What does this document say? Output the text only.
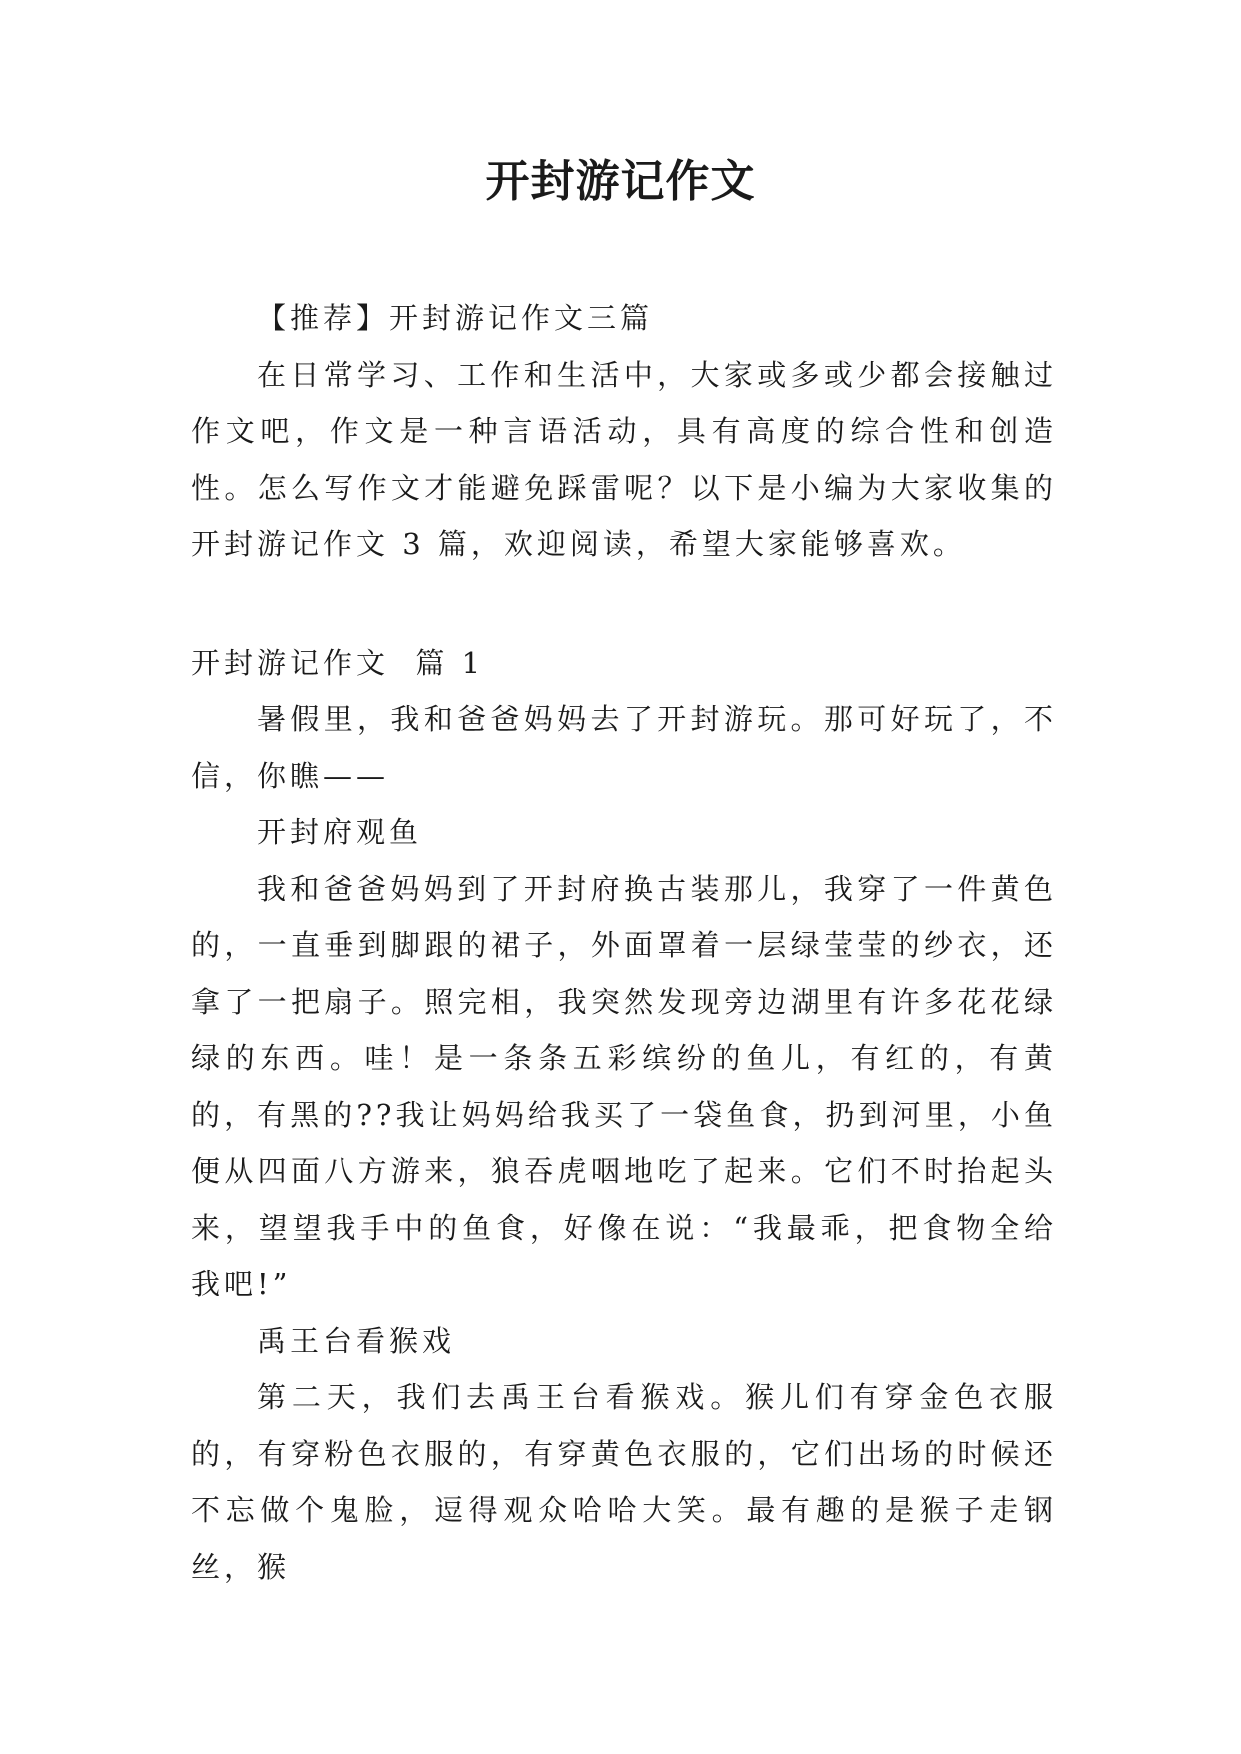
开封游记作文

【推荐】开封游记作文三篇

在日常学习、工作和生活中，大家或多或少都会接触过作文吧，作文是一种言语活动，具有高度的综合性和创造性。怎么写作文才能避免踩雷呢？以下是小编为大家收集的开封游记作文 3 篇，欢迎阅读，希望大家能够喜欢。

开封游记作文  篇 1

暑假里，我和爸爸妈妈去了开封游玩。那可好玩了，不信，你瞧——

开封府观鱼

我和爸爸妈妈到了开封府换古装那儿，我穿了一件黄色的，一直垂到脚跟的裙子，外面罩着一层绿莹莹的纱衣，还拿了一把扇子。照完相，我突然发现旁边湖里有许多花花绿绿的东西。哇！是一条条五彩缤纷的鱼儿，有红的，有黄的，有黑的??我让妈妈给我买了一袋鱼食，扔到河里，小鱼便从四面八方游来，狼吞虎咽地吃了起来。它们不时抬起头来，望望我手中的鱼食，好像在说：“我最乖，把食物全给我吧!”

禹王台看猴戏

第二天，我们去禹王台看猴戏。猴儿们有穿金色衣服的，有穿粉色衣服的，有穿黄色衣服的，它们出场的时候还不忘做个鬼脸，逗得观众哈哈大笑。最有趣的是猴子走钢丝，猴
